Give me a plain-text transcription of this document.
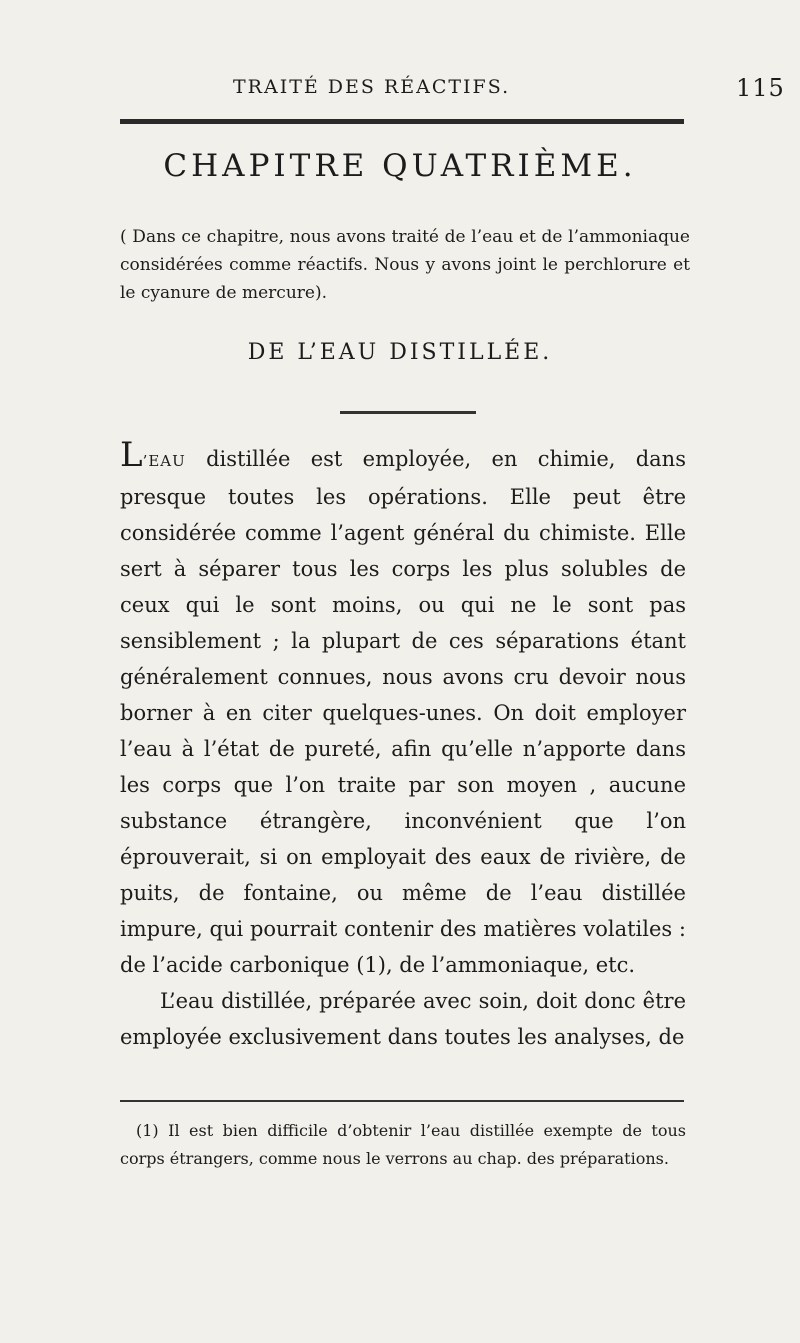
TRAITÉ DES RÉACTIFS.	115
CHAPITRE QUATRIÈME.
( Dans ce chapitre, nous avons traité de l’eau et de l’ammoniaque considérées comme réactifs. Nous y avons joint le perchlorure et le cyanure de mercure).
DE L’EAU DISTILLÉE.

L’EAU distillée est employée, en chimie, dans presque toutes les opérations. Elle peut être considérée comme l’agent général du chimiste. Elle sert à séparer tous les corps les plus solubles de ceux qui le sont moins, ou qui ne le sont pas sensiblement ; la plupart de ces séparations étant généralement connues, nous avons cru devoir nous borner à en citer quelques-unes. On doit employer l’eau à l’état de pureté, afin qu’elle n’apporte dans les corps que l’on traite par son moyen , aucune substance étrangère, inconvénient que l’on éprouverait, si on employait des eaux de rivière, de puits, de fontaine, ou même de l’eau distillée impure, qui pourrait contenir des matières volatiles : de l’acide carbonique (1), de l’ammoniaque, etc.

L’eau distillée, préparée avec soin, doit donc être employée exclusivement dans toutes les analyses, de

(1) Il est bien difficile d’obtenir l’eau distillée exempte de tous corps étrangers, comme nous le verrons au chap. des préparations.
